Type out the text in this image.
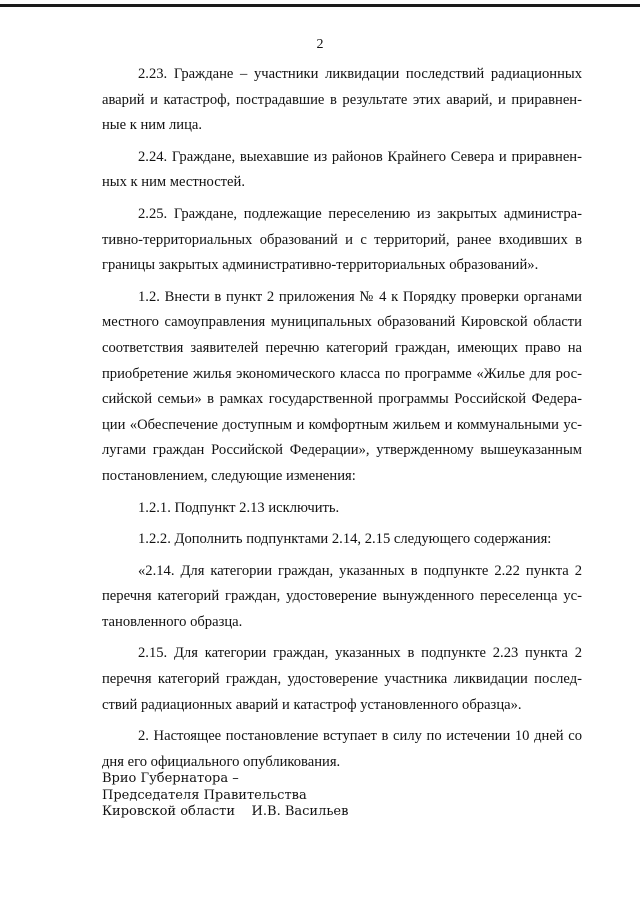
2

2.23. Граждане – участники ликвидации последствий радиационных аварий и катастроф, пострадавшие в результате этих аварий, и приравненные к ним лица.

2.24. Граждане, выехавшие из районов Крайнего Севера и приравненных к ним местностей.

2.25. Граждане, подлежащие переселению из закрытых административно-территориальных образований и с территорий, ранее входивших в границы закрытых административно-территориальных образований».

1.2. Внести в пункт 2 приложения № 4 к Порядку проверки органами местного самоуправления муниципальных образований Кировской области соответствия заявителей перечню категорий граждан, имеющих право на приобретение жилья экономического класса по программе «Жилье для российской семьи» в рамках государственной программы Российской Федерации «Обеспечение доступным и комфортным жильем и коммунальными услугами граждан Российской Федерации», утвержденному вышеуказанным постановлением, следующие изменения:

1.2.1. Подпункт 2.13 исключить.

1.2.2. Дополнить подпунктами 2.14, 2.15 следующего содержания:

«2.14. Для категории граждан, указанных в подпункте 2.22 пункта 2 перечня категорий граждан, удостоверение вынужденного переселенца установленного образца.

2.15. Для категории граждан, указанных в подпункте 2.23 пункта 2 перечня категорий граждан, удостоверение участника ликвидации последствий радиационных аварий и катастроф установленного образца».

2. Настоящее постановление вступает в силу по истечении 10 дней со дня его официального опубликования.

Врио Губернатора –
Председателя Правительства
Кировской области    И.В. Васильев
